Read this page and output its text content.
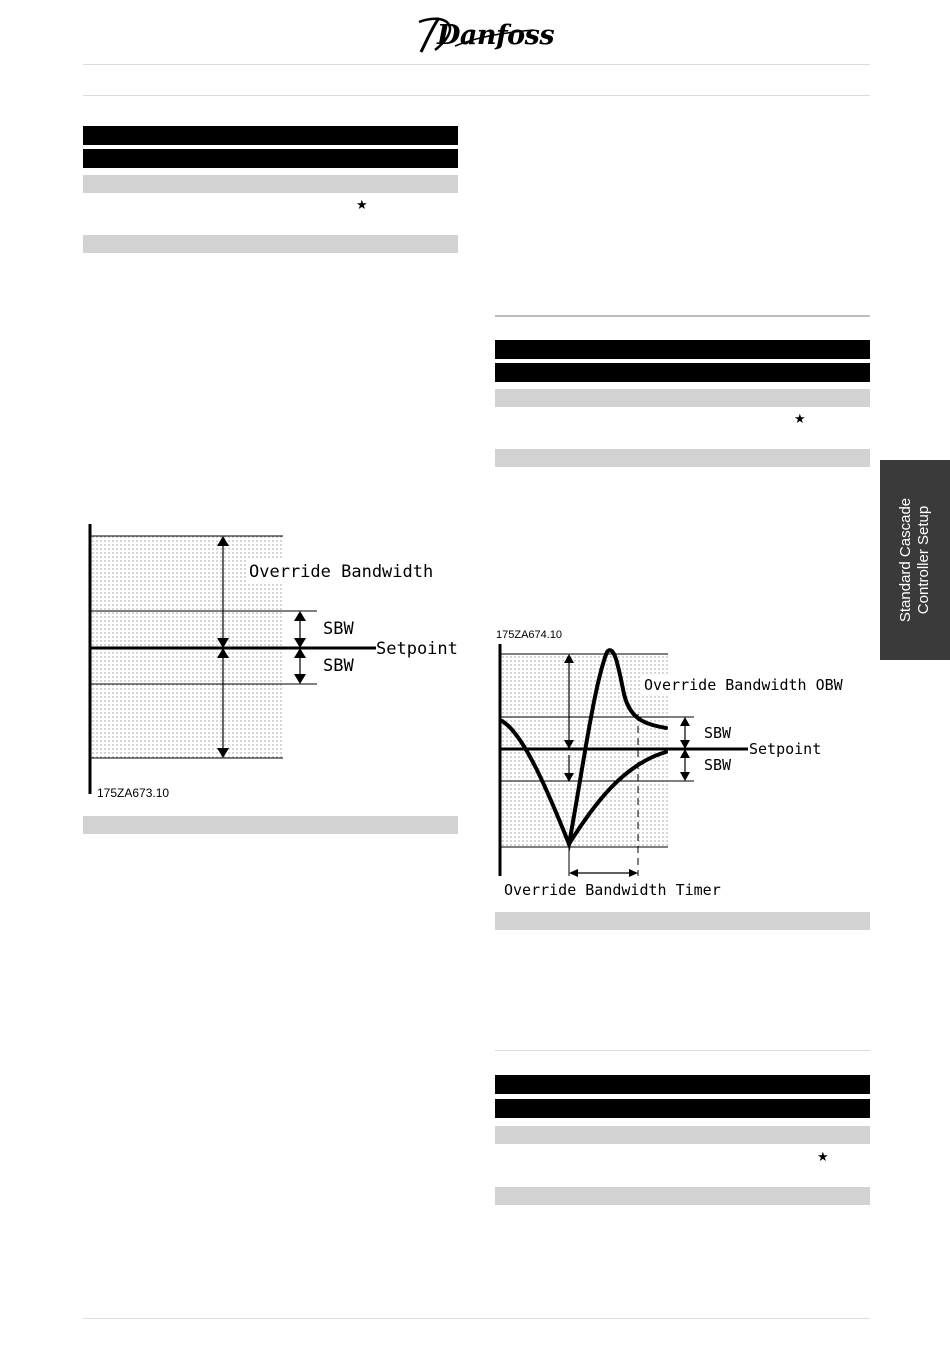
Danfoss
★
Override Bandwidth
SBW
Setpoint
SBW
175ZA673.10
★
Standard Cascade Controller Setup
175ZA674.10
Override Bandwidth OBW
SBW
Setpoint
SBW
Override Bandwidth Timer
★
